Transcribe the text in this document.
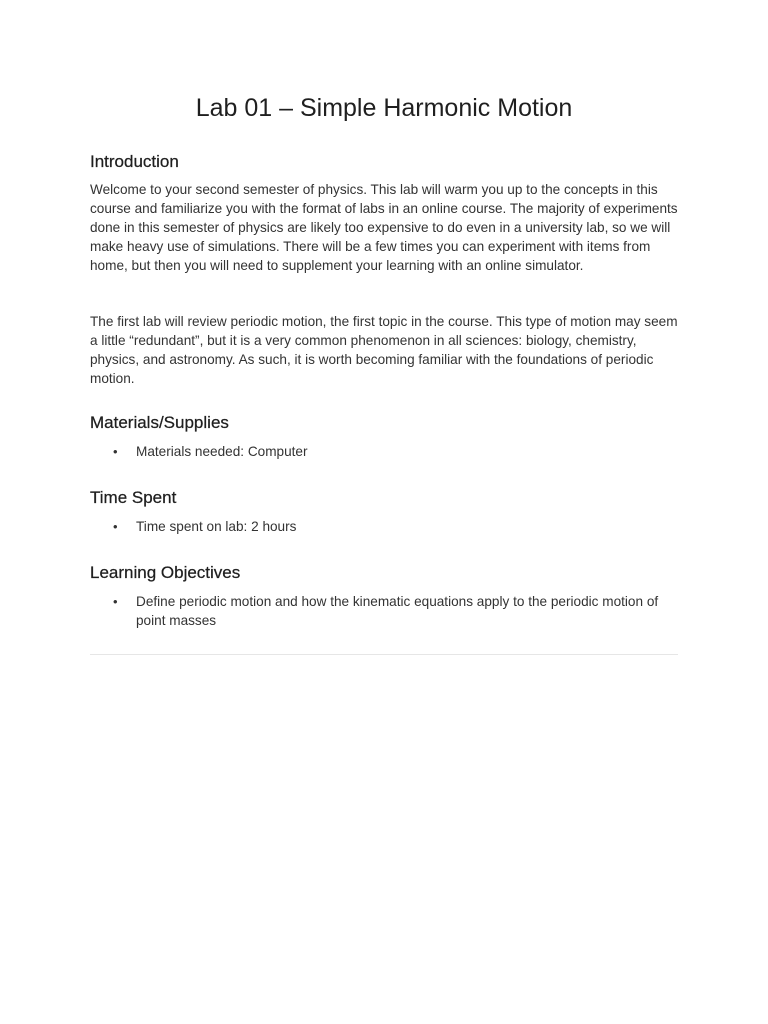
Lab 01 – Simple Harmonic Motion
Introduction

Welcome to your second semester of physics. This lab will warm you up to the concepts in this course and familiarize you with the format of labs in an online course. The majority of experiments done in this semester of physics are likely too expensive to do even in a university lab, so we will make heavy use of simulations. There will be a few times you can experiment with items from home, but then you will need to supplement your learning with an online simulator.

The first lab will review periodic motion, the first topic in the course. This type of motion may seem a little “redundant”, but it is a very common phenomenon in all sciences: biology, chemistry, physics, and astronomy. As such, it is worth becoming familiar with the foundations of periodic motion.

Materials/Supplies
• Materials needed: Computer
Time Spent
• Time spent on lab: 2 hours
Learning Objectives
• Define periodic motion and how the kinematic equations apply to the periodic motion of point masses
